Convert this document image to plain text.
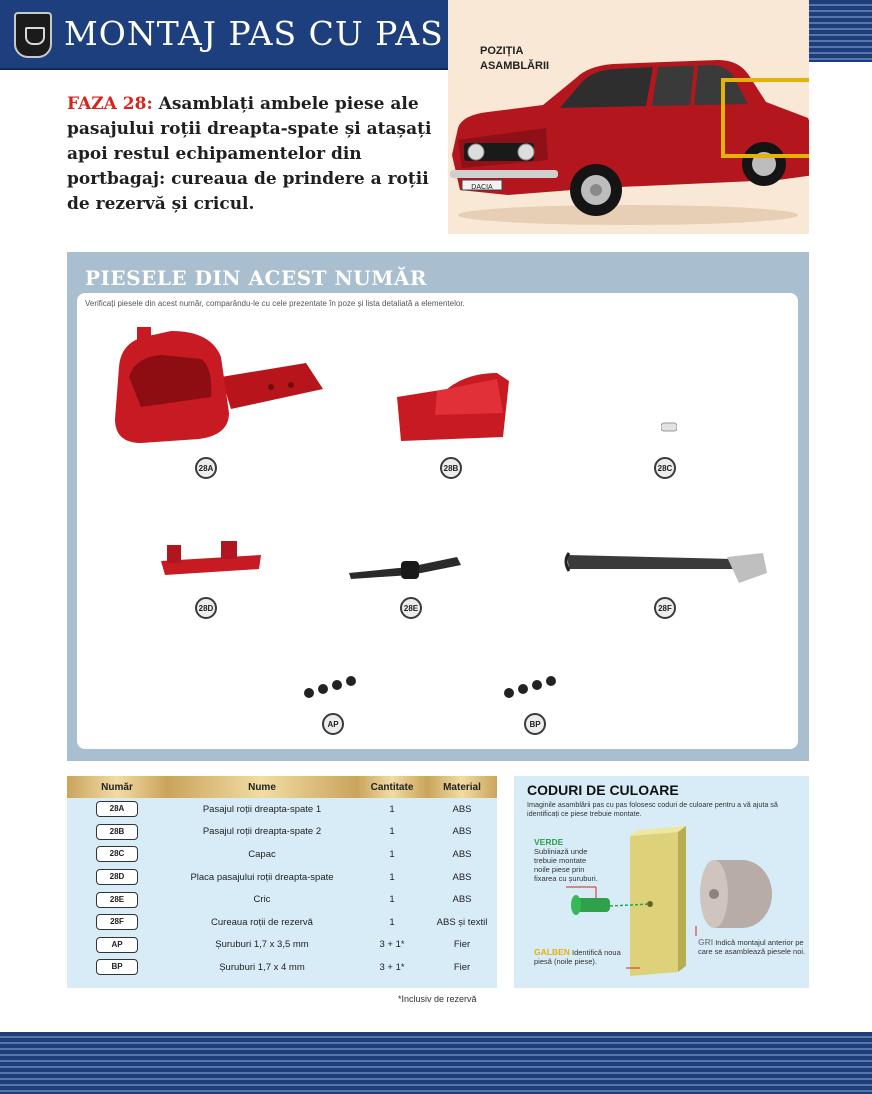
MONTAJ PAS CU PAS	POZIȚIA
ASAMBLĂRII
DACIA
FAZA 28: Asamblați ambele piese ale pasajului roții dreapta-spate și atașați apoi restul echipamentelor din portbagaj: cureaua de prindere a roții de rezervă și cricul.
PIESELE DIN ACEST NUMĂR
Verificați piesele din acest număr, comparându-le cu cele prezentate în poze și lista detaliată a elementelor.
28A	28B	28C
28D	28E	28F
AP	BP
Număr	Nume	Cantitate	Material
28A	Pasajul roții dreapta-spate 1	1	ABS
28B	Pasajul roții dreapta-spate 2	1	ABS
28C	Capac	1	ABS
28D	Placa pasajului roții dreapta-spate	1	ABS
28E	Cric	1	ABS
28F	Cureaua roții de rezervă	1	ABS și textil
AP	Șuruburi 1,7 x 3,5 mm	3 + 1*	Fier
BP	Șuruburi 1,7 x 4 mm	3 + 1*	Fier
*Inclusiv de rezervă
CODURI DE CULOARE
Imaginile asamblării pas cu pas folosesc coduri de culoare pentru a vă ajuta să identificați ce piese trebuie montate.
VERDE
Subliniază unde trebuie montate noile piese prin fixarea cu șuruburi.
GALBEN Identifică noua piesă (noile piese).
GRI Indică montajul anterior pe care se asamblează piesele noi.
